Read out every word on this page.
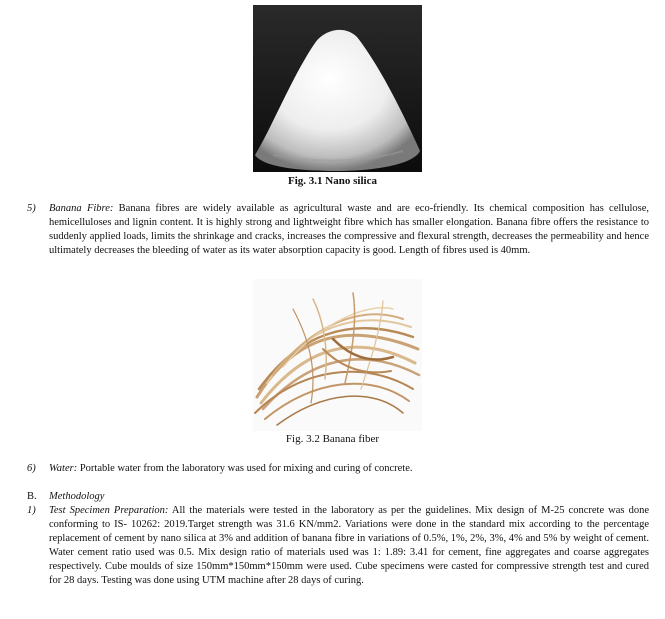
Fig. 3.1 Nano silica
5) Banana Fibre: Banana fibres are widely available as agricultural waste and are eco-friendly. Its chemical composition has cellulose, hemicelluloses and lignin content. It is highly strong and lightweight fibre which has smaller elongation. Banana fibre offers the resistance to suddenly applied loads, limits the shrinkage and cracks, increases the compressive and flexural strength, decreases the permeability and hence ultimately decreases the bleeding of water as its water absorption capacity is good. Length of fibres used is 40mm.

Fig. 3.2 Banana fiber
6) Water: Portable water from the laboratory was used for mixing and curing of concrete.

B. Methodology

1) Test Specimen Preparation: All the materials were tested in the laboratory as per the guidelines. Mix design of M-25 concrete was done conforming to IS- 10262: 2019.Target strength was 31.6 KN/mm2. Variations were done in the standard mix according to the percentage replacement of cement by nano silica at 3% and addition of banana fibre in variations of 0.5%, 1%, 2%, 3%, 4% and 5% by weight of cement. Water cement ratio used was 0.5. Mix design ratio of materials used was 1: 1.89: 3.41 for cement, fine aggregates and coarse aggregates respectively. Cube moulds of size 150mm*150mm*150mm were used. Cube specimens were casted for compressive strength test and cured for 28 days. Testing was done using UTM machine after 28 days of curing.
